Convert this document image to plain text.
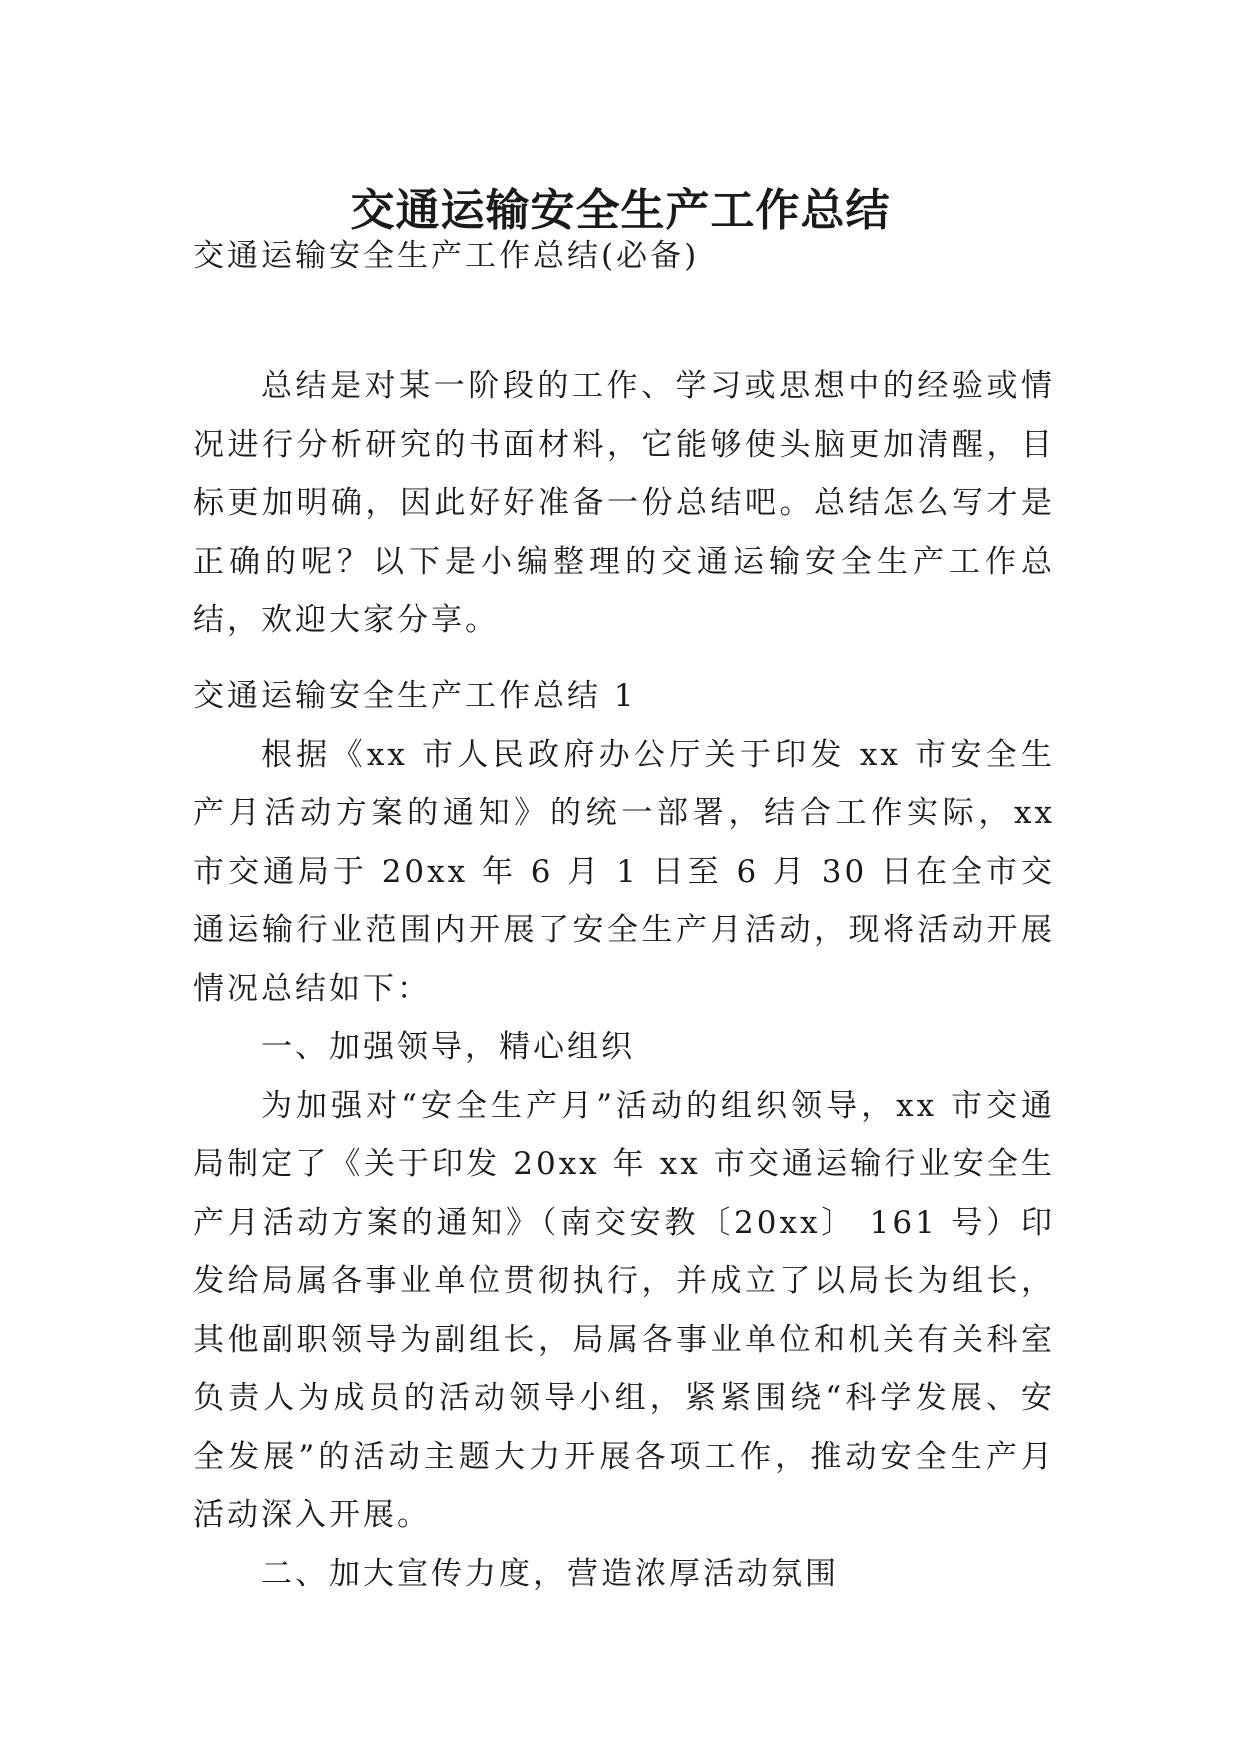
交通运输安全生产工作总结

交通运输安全生产工作总结(必备)

总结是对某一阶段的工作、学习或思想中的经验或情况进行分析研究的书面材料，它能够使头脑更加清醒，目标更加明确，因此好好准备一份总结吧。总结怎么写才是正确的呢？以下是小编整理的交通运输安全生产工作总结，欢迎大家分享。

交通运输安全生产工作总结 1

根据《xx 市人民政府办公厅关于印发 xx 市安全生产月活动方案的通知》的统一部署，结合工作实际，xx 市交通局于 20xx 年 6 月 1 日至 6 月 30 日在全市交通运输行业范围内开展了安全生产月活动，现将活动开展情况总结如下：

一、加强领导，精心组织

为加强对“安全生产月”活动的组织领导，xx 市交通局制定了《关于印发 20xx 年 xx 市交通运输行业安全生产月活动方案的通知》（南交安教〔20xx〕 161 号）印发给局属各事业单位贯彻执行，并成立了以局长为组长，其他副职领导为副组长，局属各事业单位和机关有关科室负责人为成员的活动领导小组，紧紧围绕“科学发展、安全发展”的活动主题大力开展各项工作，推动安全生产月活动深入开展。

二、加大宣传力度，营造浓厚活动氛围
